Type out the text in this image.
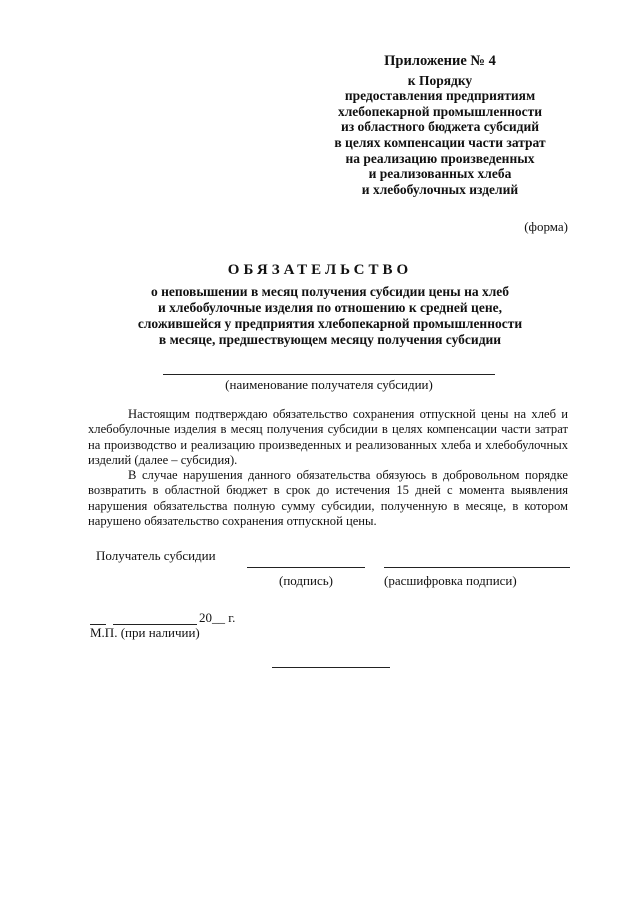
Приложение № 4
к Порядку
предоставления предприятиям
хлебопекарной промышленности
из областного бюджета субсидий
в целях компенсации части затрат
на реализацию произведенных
и реализованных хлеба
и хлебобулочных изделий
(форма)
ОБЯЗАТЕЛЬСТВО
о неповышении в месяц получения субсидии цены на хлеб
и хлебобулочные изделия по отношению к средней цене,
сложившейся у предприятия хлебопекарной промышленности
в месяце, предшествующем месяцу получения субсидии
(наименование получателя субсидии)

Настоящим подтверждаю обязательство сохранения отпускной цены на хлеб и хлебобулочные изделия в месяц получения субсидии в целях компенсации части затрат на производство и реализацию произведенных и реализованных хлеба и хлебобулочных изделий (далее – субсидия).

В случае нарушения данного обязательства обязуюсь в добровольном порядке возвратить в областной бюджет в срок до истечения 15 дней с момента выявления нарушения обязательства полную сумму субсидии, полученную в месяце, в котором нарушено обязательство сохранения отпускной цены.

Получатель субсидии
(подпись)	(расшифровка подписи)
20__ г.
М.П. (при наличии)
